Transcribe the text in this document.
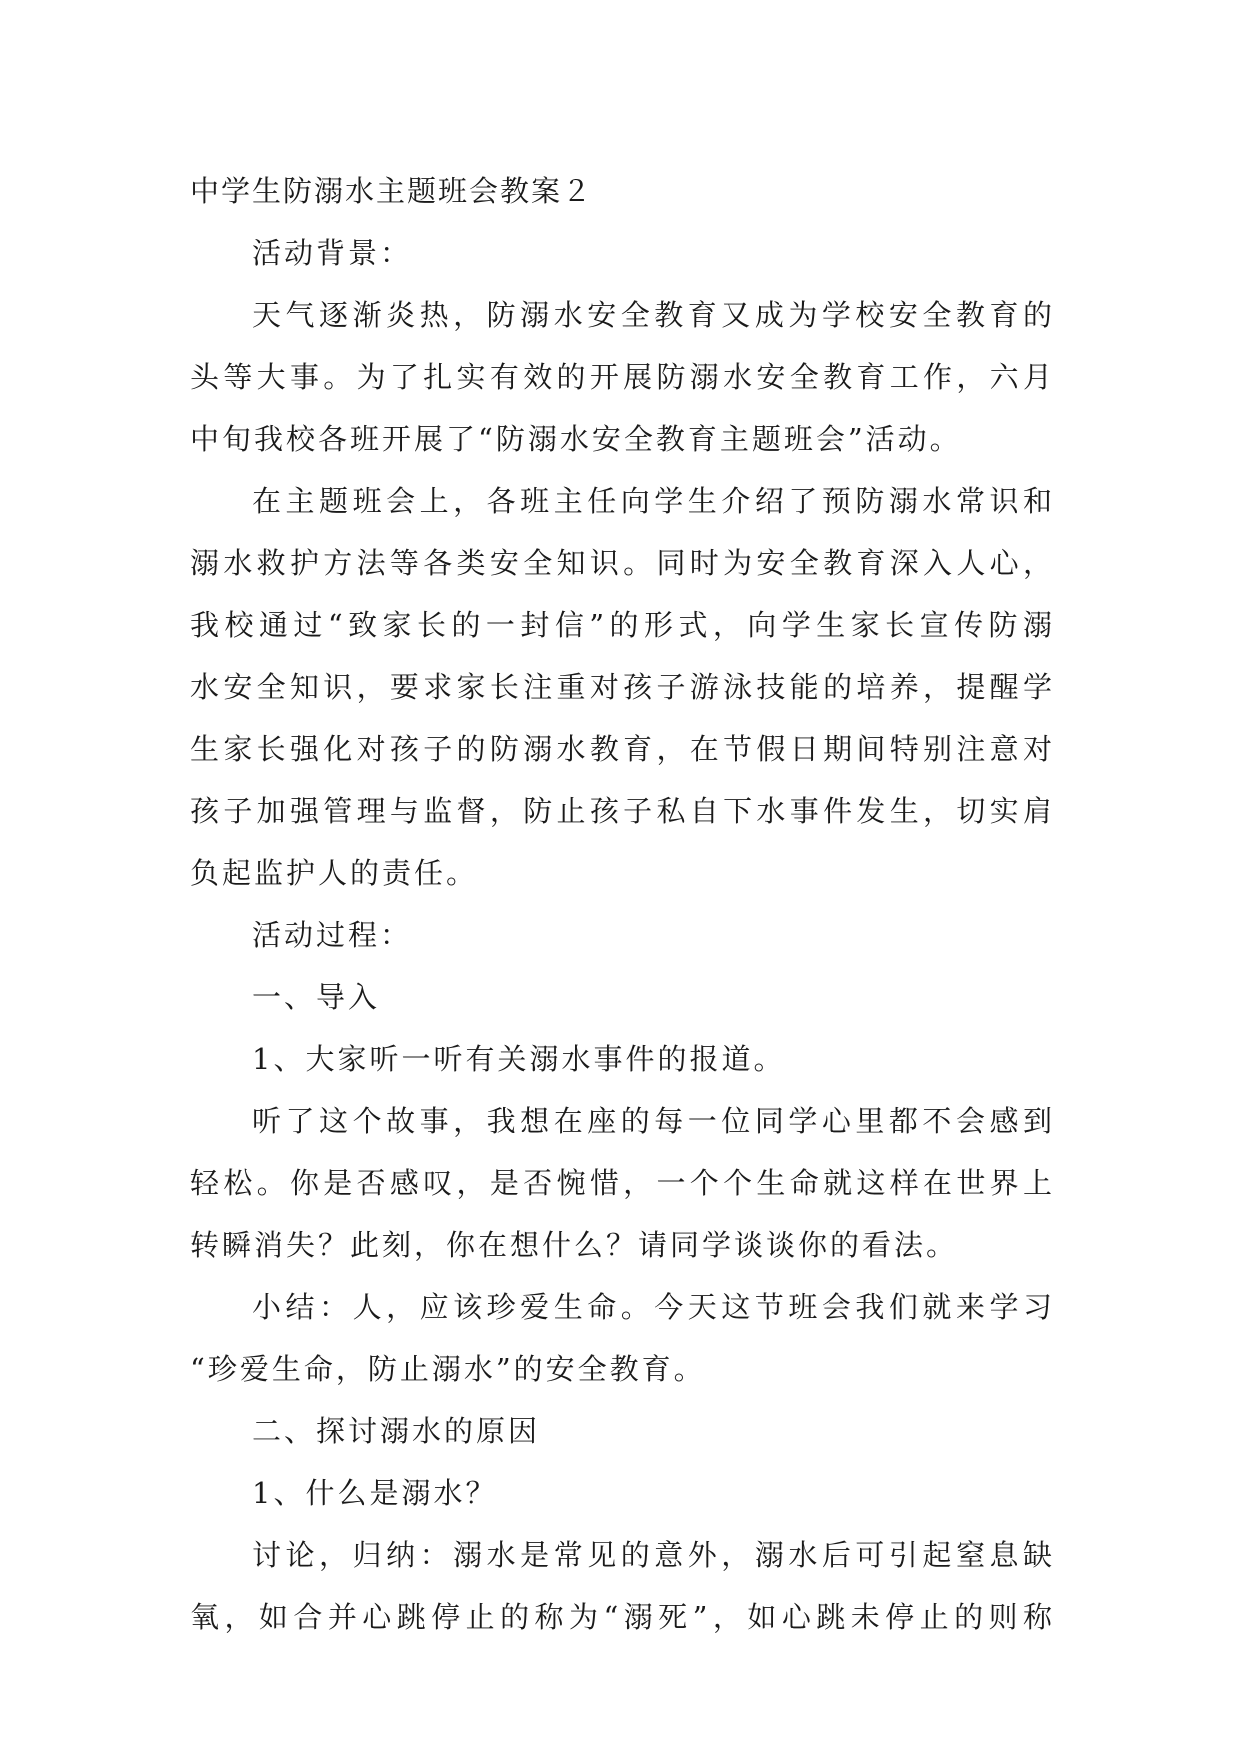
中学生防溺水主题班会教案２

活动背景：

天气逐渐炎热，防溺水安全教育又成为学校安全教育的

头等大事。为了扎实有效的开展防溺水安全教育工作，六月

中旬我校各班开展了“防溺水安全教育主题班会”活动。

在主题班会上，各班主任向学生介绍了预防溺水常识和

溺水救护方法等各类安全知识。同时为安全教育深入人心，

我校通过“致家长的一封信”的形式，向学生家长宣传防溺

水安全知识，要求家长注重对孩子游泳技能的培养，提醒学

生家长强化对孩子的防溺水教育，在节假日期间特别注意对

孩子加强管理与监督，防止孩子私自下水事件发生，切实肩

负起监护人的责任。

活动过程：

一、导入

1、大家听一听有关溺水事件的报道。

听了这个故事，我想在座的每一位同学心里都不会感到

轻松。你是否感叹，是否惋惜，一个个生命就这样在世界上

转瞬消失？此刻，你在想什么？请同学谈谈你的看法。

小结：人，应该珍爱生命。今天这节班会我们就来学习

“珍爱生命，防止溺水”的安全教育。

二、探讨溺水的原因

1、什么是溺水？

讨论，归纳：溺水是常见的意外，溺水后可引起窒息缺

氧，如合并心跳停止的称为“溺死”，如心跳未停止的则称
